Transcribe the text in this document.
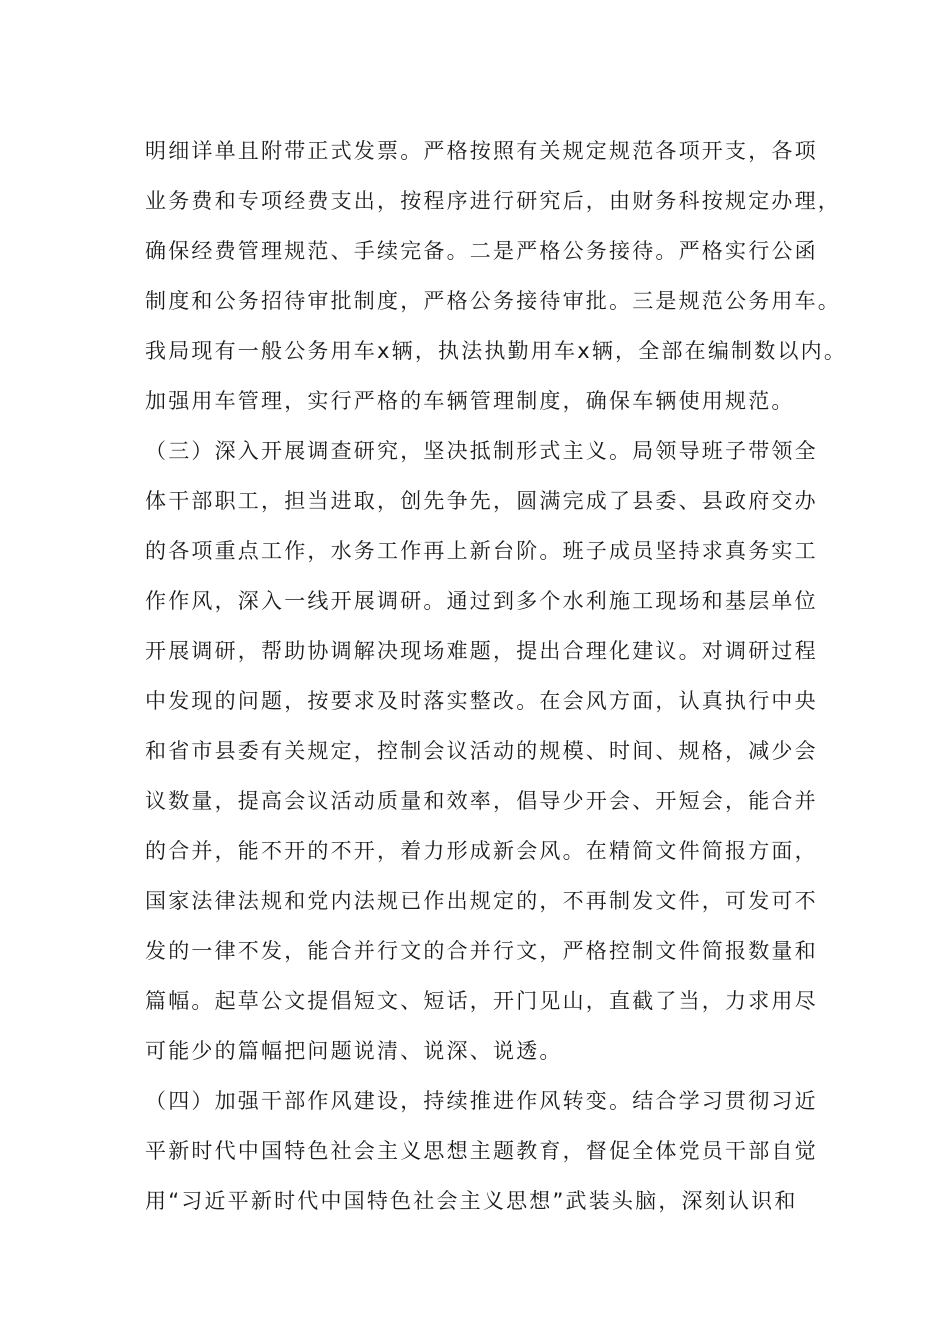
明细详单且附带正式发票。严格按照有关规定规范各项开支，各项
业务费和专项经费支出，按程序进行研究后，由财务科按规定办理，
确保经费管理规范、手续完备。二是严格公务接待。严格实行公函
制度和公务招待审批制度，严格公务接待审批。三是规范公务用车。
我局现有一般公务用车x辆，执法执勤用车x辆，全部在编制数以内。
加强用车管理，实行严格的车辆管理制度，确保车辆使用规范。
（三）深入开展调查研究，坚决抵制形式主义。局领导班子带领全
体干部职工，担当进取，创先争先，圆满完成了县委、县政府交办
的各项重点工作，水务工作再上新台阶。班子成员坚持求真务实工
作作风，深入一线开展调研。通过到多个水利施工现场和基层单位
开展调研，帮助协调解决现场难题，提出合理化建议。对调研过程
中发现的问题，按要求及时落实整改。在会风方面，认真执行中央
和省市县委有关规定，控制会议活动的规模、时间、规格，减少会
议数量，提高会议活动质量和效率，倡导少开会、开短会，能合并
的合并，能不开的不开，着力形成新会风。在精简文件简报方面，
国家法律法规和党内法规已作出规定的，不再制发文件，可发可不
发的一律不发，能合并行文的合并行文，严格控制文件简报数量和
篇幅。起草公文提倡短文、短话，开门见山，直截了当，力求用尽
可能少的篇幅把问题说清、说深、说透。
（四）加强干部作风建设，持续推进作风转变。结合学习贯彻习近
平新时代中国特色社会主义思想主题教育，督促全体党员干部自觉
用“习近平新时代中国特色社会主义思想”武装头脑，深刻认识和
